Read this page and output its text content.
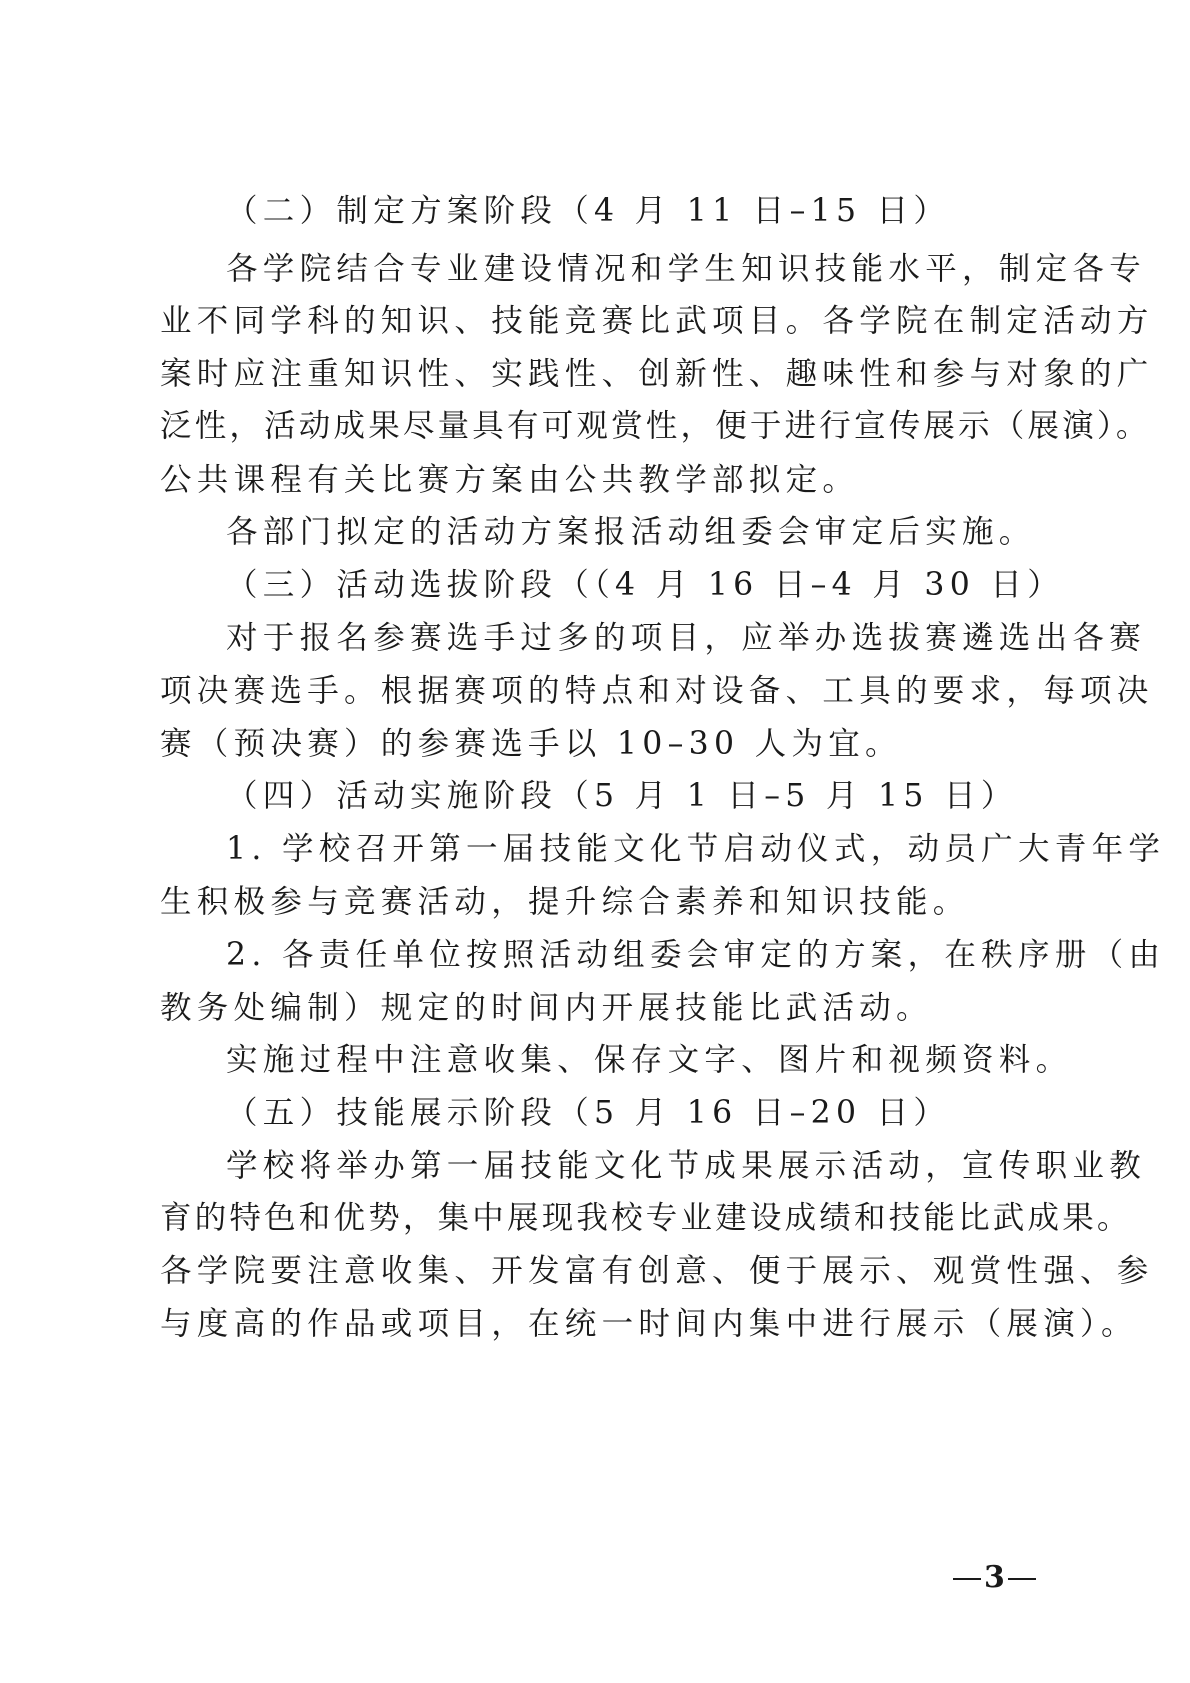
（二）制定方案阶段（4 月 11 日–15 日）
各学院结合专业建设情况和学生知识技能水平，制定各专
业不同学科的知识、技能竞赛比武项目。各学院在制定活动方
案时应注重知识性、实践性、创新性、趣味性和参与对象的广
泛性，活动成果尽量具有可观赏性，便于进行宣传展示（展演）。
公共课程有关比赛方案由公共教学部拟定。
各部门拟定的活动方案报活动组委会审定后实施。
（三）活动选拔阶段（（4 月 16 日–4 月 30 日）
对于报名参赛选手过多的项目，应举办选拔赛遴选出各赛
项决赛选手。根据赛项的特点和对设备、工具的要求，每项决
赛（预决赛）的参赛选手以 10–30 人为宜。
（四）活动实施阶段（5 月 1 日–5 月 15 日）
1. 学校召开第一届技能文化节启动仪式，动员广大青年学
生积极参与竞赛活动，提升综合素养和知识技能。
2. 各责任单位按照活动组委会审定的方案，在秩序册（由
教务处编制）规定的时间内开展技能比武活动。
实施过程中注意收集、保存文字、图片和视频资料。
（五）技能展示阶段（5 月 16 日–20 日）
学校将举办第一届技能文化节成果展示活动，宣传职业教
育的特色和优势，集中展现我校专业建设成绩和技能比武成果。
各学院要注意收集、开发富有创意、便于展示、观赏性强、参
与度高的作品或项目，在统一时间内集中进行展示（展演）。
3
